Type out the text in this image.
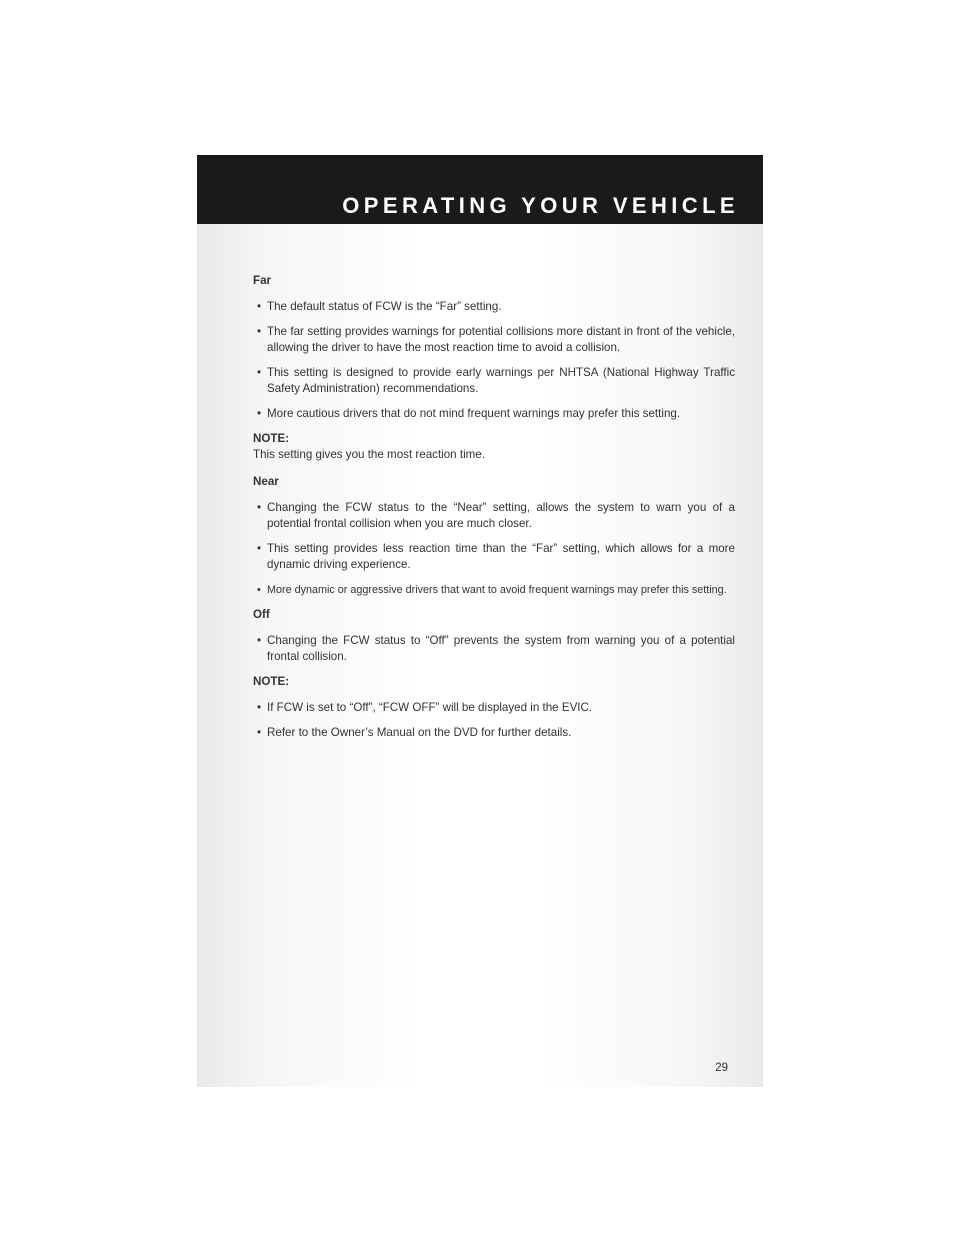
OPERATING YOUR VEHICLE
Far
• The default status of FCW is the “Far” setting.
• The far setting provides warnings for potential collisions more distant in front of the vehicle, allowing the driver to have the most reaction time to avoid a collision.
• This setting is designed to provide early warnings per NHTSA (National Highway Traffic Safety Administration) recommendations.
• More cautious drivers that do not mind frequent warnings may prefer this setting.
NOTE:
This setting gives you the most reaction time.
Near
• Changing the FCW status to the “Near” setting, allows the system to warn you of a potential frontal collision when you are much closer.
• This setting provides less reaction time than the “Far” setting, which allows for a more dynamic driving experience.
• More dynamic or aggressive drivers that want to avoid frequent warnings may prefer this setting.
Off
• Changing the FCW status to “Off” prevents the system from warning you of a potential frontal collision.
NOTE:
• If FCW is set to “Off”, “FCW OFF” will be displayed in the EVIC.
• Refer to the Owner’s Manual on the DVD for further details.
29
